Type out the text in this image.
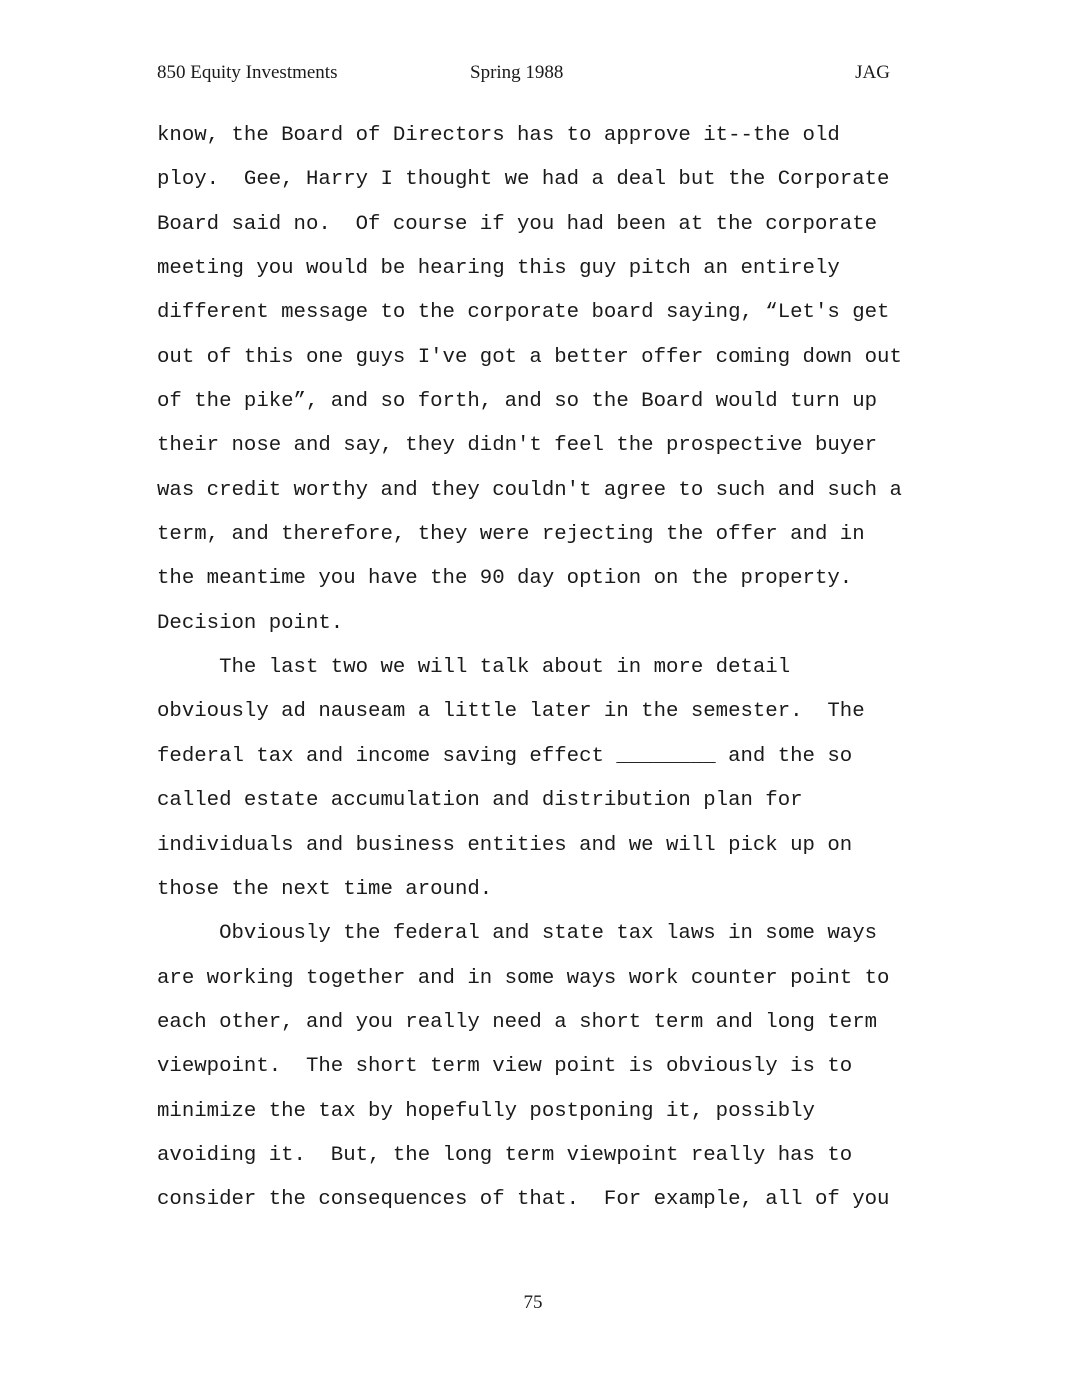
850 Equity Investments	Spring 1988	JAG
know, the Board of Directors has to approve it--the old
ploy.  Gee, Harry I thought we had a deal but the Corporate
Board said no.  Of course if you had been at the corporate
meeting you would be hearing this guy pitch an entirely
different message to the corporate board saying, “Let's get
out of this one guys I've got a better offer coming down out
of the pike”, and so forth, and so the Board would turn up
their nose and say, they didn't feel the prospective buyer
was credit worthy and they couldn't agree to such and such a
term, and therefore, they were rejecting the offer and in
the meantime you have the 90 day option on the property.
Decision point.
The last two we will talk about in more detail
obviously ad nauseam a little later in the semester.  The
federal tax and income saving effect ________ and the so
called estate accumulation and distribution plan for
individuals and business entities and we will pick up on
those the next time around.
Obviously the federal and state tax laws in some ways
are working together and in some ways work counter point to
each other, and you really need a short term and long term
viewpoint.  The short term view point is obviously is to
minimize the tax by hopefully postponing it, possibly
avoiding it.  But, the long term viewpoint really has to
consider the consequences of that.  For example, all of you
75
